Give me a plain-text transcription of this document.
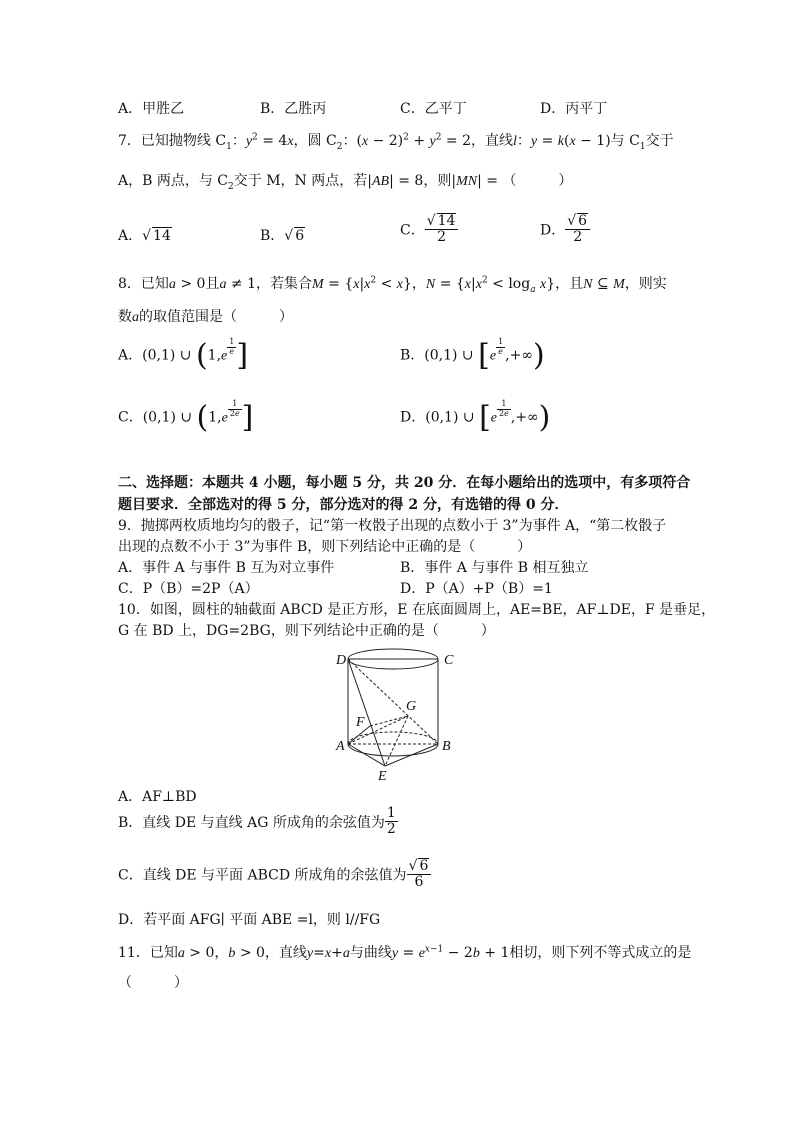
A．甲胜乙	B．乙胜丙	C．乙平丁	D．丙平丁
7．已知抛物线 $C_1$：$y^2 = 4x$，圆 $C_2$：$(x - 2)^2 + y^2 = 2$，直线l：y = k(x − 1)与 $C_1$交于
A，B 两点，与 $C_2$交于 M，N 两点，若|AB| = 8，则|MN| = （　　　）
A．√ 14	B．√ 6	C． $\frac{√ 14}{2}$	D． $\frac{√ 6}{2}$
8．已知a > 0且a ≠ 1，若集合$M = \{x|x^2 < x\}$，$N = \{x|x^2 < \log_a x\}$，且N ⊆ M，则实
数a的取值范围是（　　　）
A．(0,1) ∪ (1,e $^{\frac{1}{e}}$ ]	B．(0,1) ∪ [e $^{\frac{1}{e}}$ ,+∞)
C．(0,1) ∪ (1,e $^{\frac{1}{2e}}$ ]	D．(0,1) ∪ [e $^{\frac{1}{2e}}$ ,+∞)
二、选择题：本题共 4 小题，每小题 5 分，共 20 分．在每小题给出的选项中，有多项符合
题目要求．全部选对的得 5 分，部分选对的得 2 分，有选错的得 0 分．
9．抛掷两枚质地均匀的骰子，记“第一枚骰子出现的点数小于 3”为事件 A，“第二枚骰子
出现的点数不小于 3”为事件 B，则下列结论中正确的是（　　　）
A．事件 A 与事件 B 互为对立事件	B．事件 A 与事件 B 相互独立
C．P（B）=2P（A）	D．P（A）+P（B）=1
10．如图，圆柱的轴截面 ABCD 是正方形，E 在底面圆周上，AE=BE，AF⊥DE，F 是垂足，
G 在 BD 上，DG=2BG，则下列结论中正确的是（　　　）
D	C
G
F
A	B
E
A．AF⊥BD
B．直线 DE 与直线 AG 所成角的余弦值为 $\frac{1}{2}$
C．直线 DE 与平面 ABCD 所成角的余弦值为 $\frac{√ 6}{6}$
D．若平面 AFG∣ 平面 ABE =l，则 l//FG
11．已知a > 0，b > 0，直线y=x+a与曲线$y = e^{x-1} - 2b + 1$相切，则下列不等式成立的是
（　　　）
